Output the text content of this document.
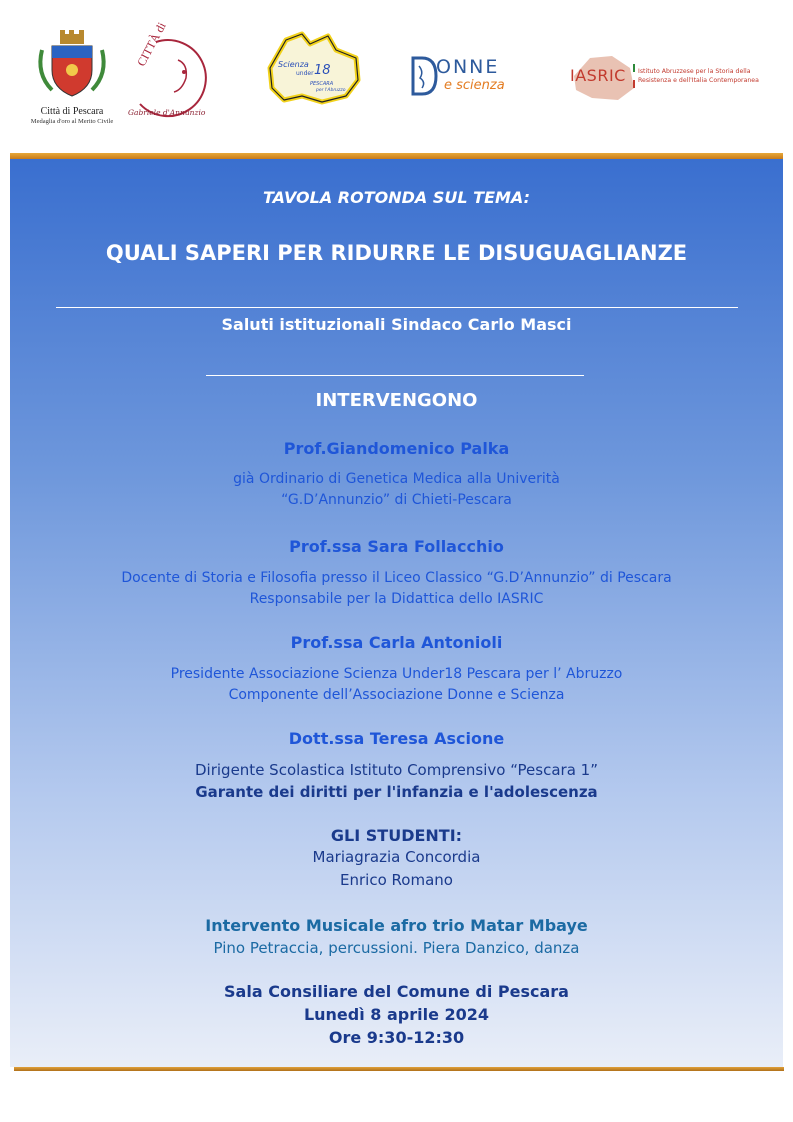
Città di Pescara
Medaglia d'oro al Merito Civile
CITTÀ di
Gabriele d'Annunzio
Scienza
under 18
PESCARA
per l'Abruzzo
ONNE
e scienza
IASRIC Istituto Abruzzese per la Storia della
Resistenza e dell'Italia Contemporanea
TAVOLA ROTONDA SUL TEMA:
QUALI SAPERI PER RIDURRE LE DISUGUAGLIANZE
Saluti istituzionali Sindaco Carlo Masci
INTERVENGONO
Prof.Giandomenico Palka
già Ordinario di Genetica Medica alla Univerità
“G.D’Annunzio” di Chieti-Pescara
Prof.ssa Sara Follacchio
Docente di Storia e Filosofia presso il Liceo Classico “G.D’Annunzio” di Pescara
Responsabile per la Didattica dello IASRIC
Prof.ssa Carla Antonioli
Presidente Associazione Scienza Under18 Pescara per l’ Abruzzo
Componente dell’Associazione Donne e Scienza
Dott.ssa Teresa Ascione
Dirigente Scolastica Istituto Comprensivo “Pescara 1”
Garante dei diritti per l'infanzia e l'adolescenza
GLI STUDENTI:
Mariagrazia Concordia
Enrico Romano
Intervento Musicale afro trio Matar Mbaye
Pino Petraccia, percussioni. Piera Danzico, danza
Sala Consiliare del Comune di Pescara
Lunedì 8 aprile 2024
Ore 9:30-12:30
